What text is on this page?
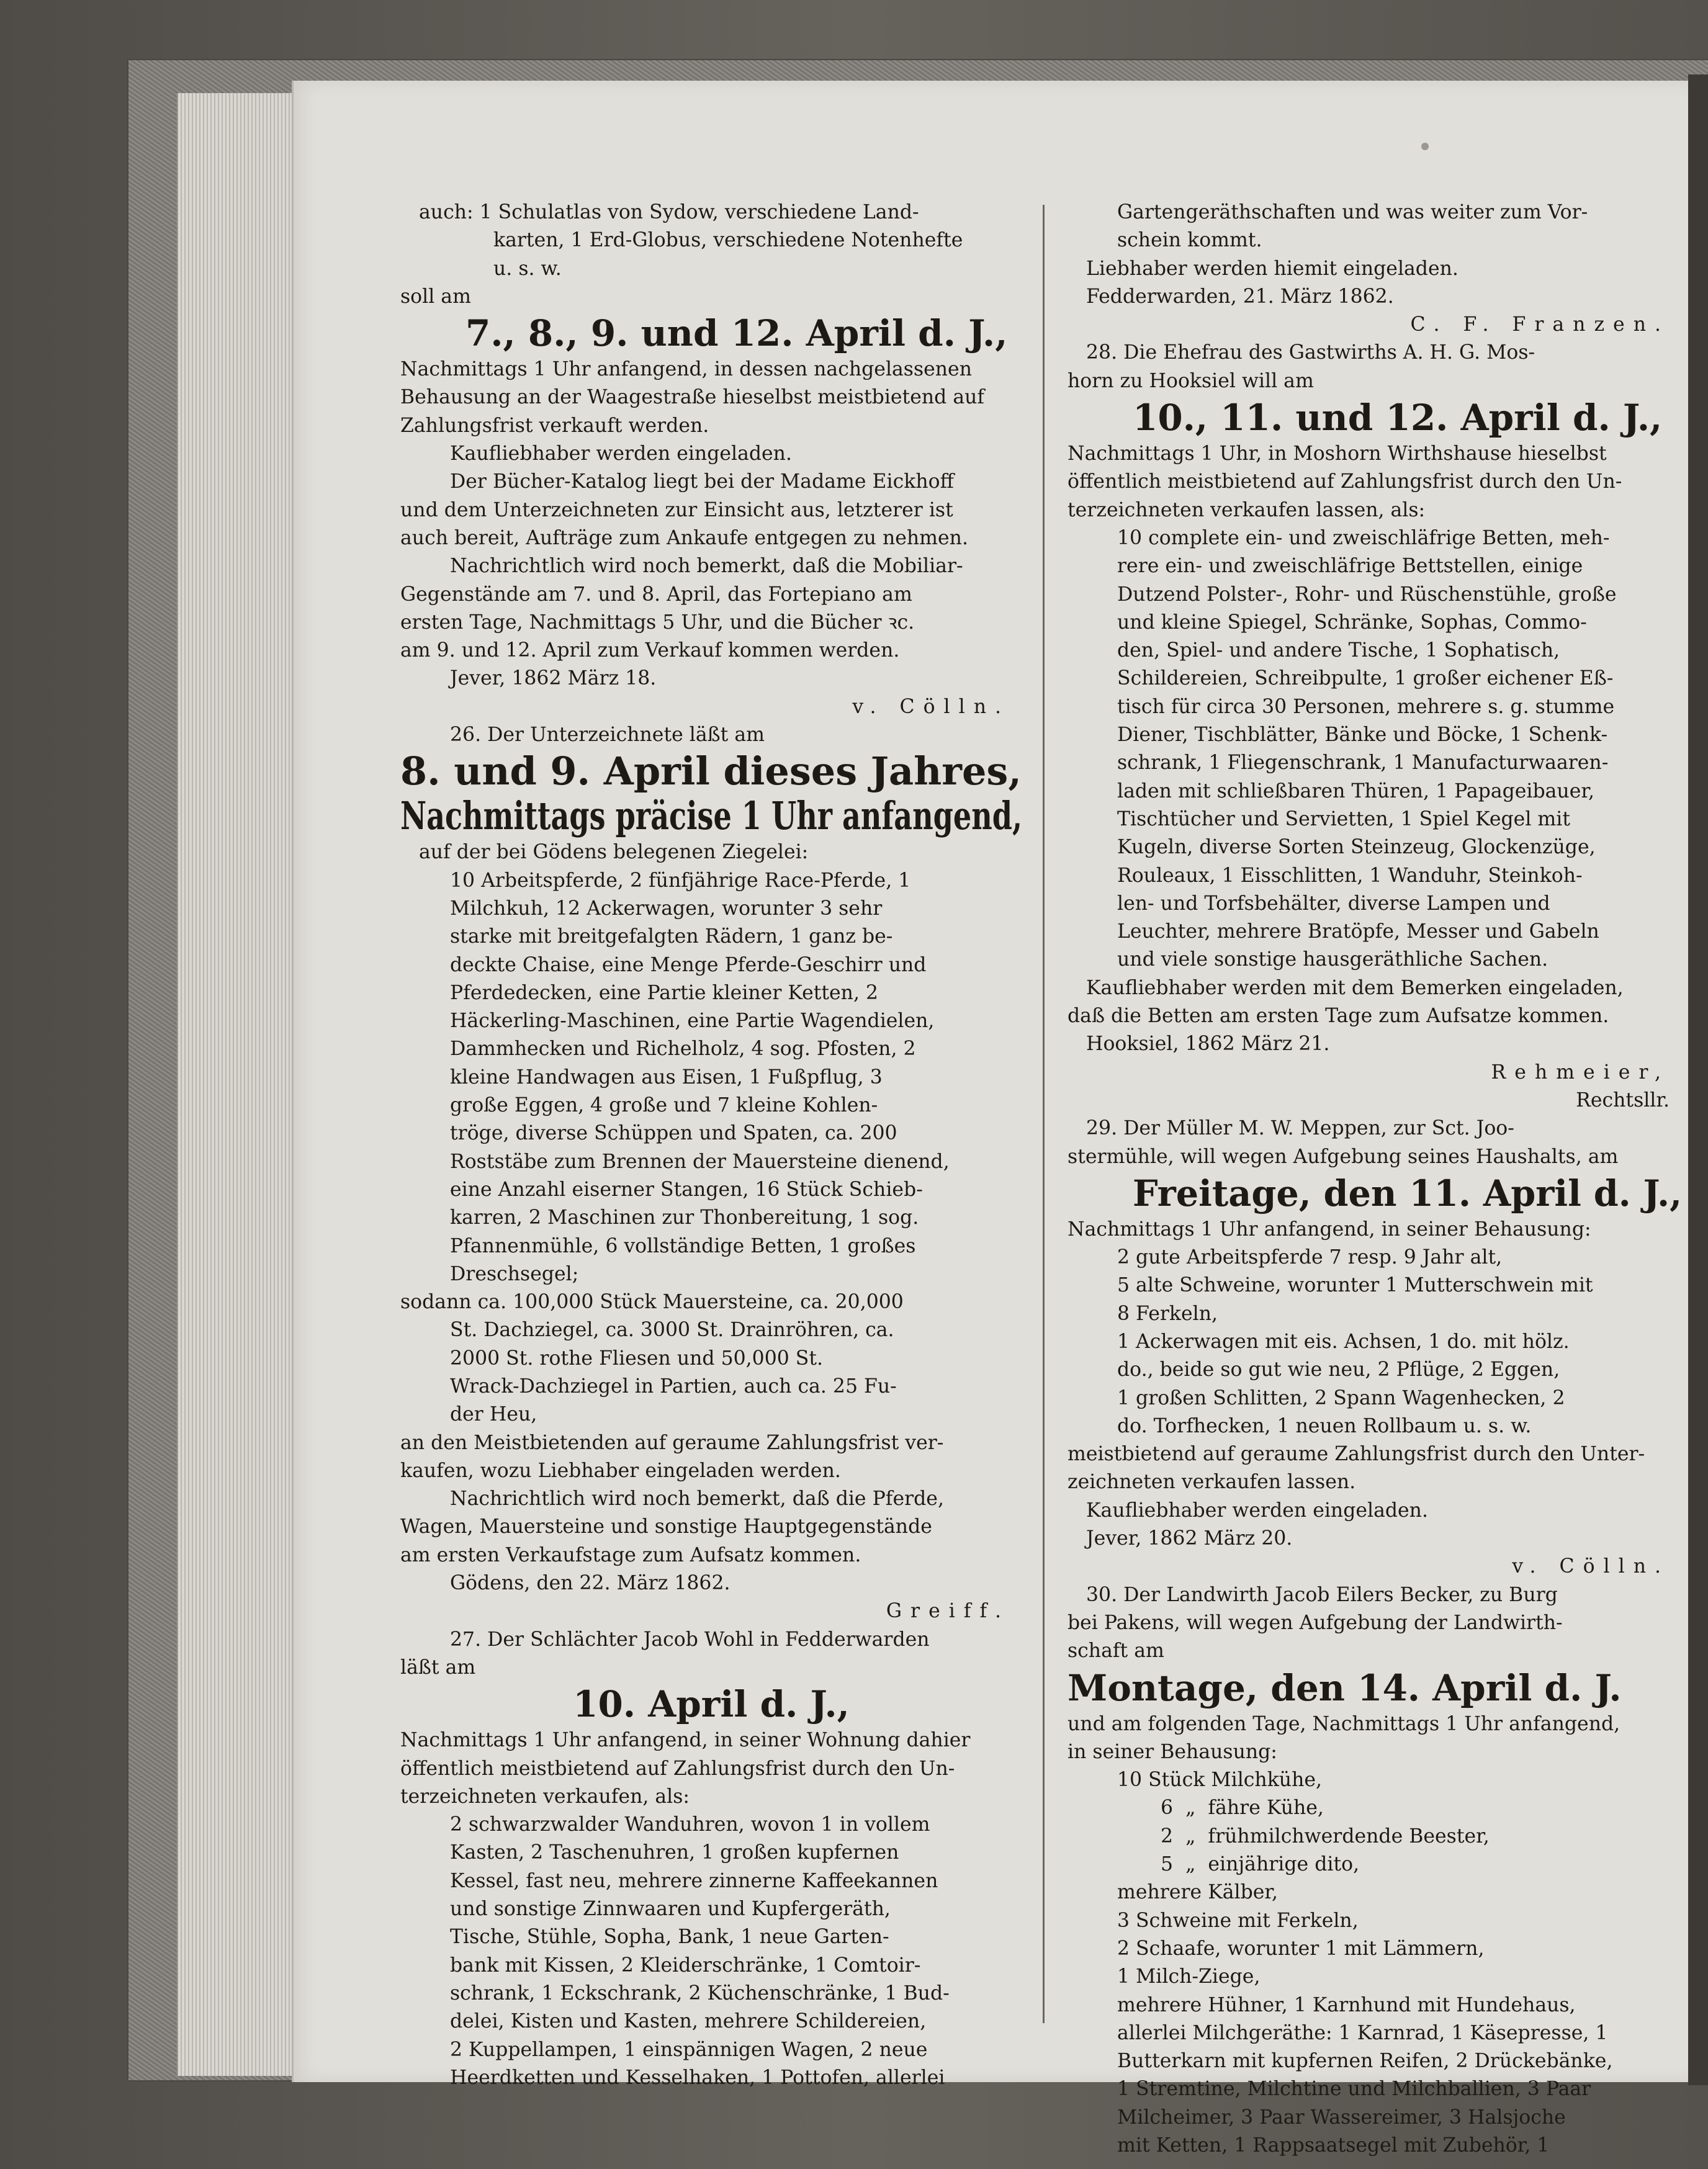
auch: 1 Schulatlas von Sydow, verschiedene Land-
karten, 1 Erd-Globus, verschiedene Notenhefte
u. s. w.
soll am
7., 8., 9. und 12. April d. J.,
Nachmittags 1 Uhr anfangend, in dessen nachgelassenen
Behausung an der Waagestraße hieselbst meistbietend auf
Zahlungsfrist verkauft werden.
Kaufliebhaber werden eingeladen.
Der Bücher-Katalog liegt bei der Madame Eickhoff
und dem Unterzeichneten zur Einsicht aus, letzterer ist
auch bereit, Aufträge zum Ankaufe entgegen zu nehmen.
Nachrichtlich wird noch bemerkt, daß die Mobiliar-
Gegenstände am 7. und 8. April, das Fortepiano am
ersten Tage, Nachmittags 5 Uhr, und die Bücher ꝛc.
am 9. und 12. April zum Verkauf kommen werden.
Jever, 1862 März 18.
v. Cölln.
26. Der Unterzeichnete läßt am
8. und 9. April dieses Jahres,
Nachmittags präcise 1 Uhr anfangend,
auf der bei Gödens belegenen Ziegelei:
10 Arbeitspferde, 2 fünfjährige Race-Pferde, 1
Milchkuh, 12 Ackerwagen, worunter 3 sehr
starke mit breitgefalgten Rädern, 1 ganz be-
deckte Chaise, eine Menge Pferde-Geschirr und
Pferdedecken, eine Partie kleiner Ketten, 2
Häckerling-Maschinen, eine Partie Wagendielen,
Dammhecken und Richelholz, 4 sog. Pfosten, 2
kleine Handwagen aus Eisen, 1 Fußpflug, 3
große Eggen, 4 große und 7 kleine Kohlen-
tröge, diverse Schüppen und Spaten, ca. 200
Roststäbe zum Brennen der Mauersteine dienend,
eine Anzahl eiserner Stangen, 16 Stück Schieb-
karren, 2 Maschinen zur Thonbereitung, 1 sog.
Pfannenmühle, 6 vollständige Betten, 1 großes
Dreschsegel;
sodann ca. 100,000 Stück Mauersteine, ca. 20,000
St. Dachziegel, ca. 3000 St. Drainröhren, ca.
2000 St. rothe Fliesen und 50,000 St.
Wrack-Dachziegel in Partien, auch ca. 25 Fu-
der Heu,
an den Meistbietenden auf geraume Zahlungsfrist ver-
kaufen, wozu Liebhaber eingeladen werden.
Nachrichtlich wird noch bemerkt, daß die Pferde,
Wagen, Mauersteine und sonstige Hauptgegenstände
am ersten Verkaufstage zum Aufsatz kommen.
Gödens, den 22. März 1862.
Greiff.
27. Der Schlächter Jacob Wohl in Fedderwarden
läßt am
10. April d. J.,
Nachmittags 1 Uhr anfangend, in seiner Wohnung dahier
öffentlich meistbietend auf Zahlungsfrist durch den Un-
terzeichneten verkaufen, als:
2 schwarzwalder Wanduhren, wovon 1 in vollem
Kasten, 2 Taschenuhren, 1 großen kupfernen
Kessel, fast neu, mehrere zinnerne Kaffeekannen
und sonstige Zinnwaaren und Kupfergeräth,
Tische, Stühle, Sopha, Bank, 1 neue Garten-
bank mit Kissen, 2 Kleiderschränke, 1 Comtoir-
schrank, 1 Eckschrank, 2 Küchenschränke, 1 Bud-
delei, Kisten und Kasten, mehrere Schildereien,
2 Kuppellampen, 1 einspännigen Wagen, 2 neue
Heerdketten und Kesselhaken, 1 Pottofen, allerlei
Gartengeräthschaften und was weiter zum Vor-
schein kommt.
Liebhaber werden hiemit eingeladen.
Fedderwarden, 21. März 1862.
C. F. Franzen.
28. Die Ehefrau des Gastwirths A. H. G. Mos-
horn zu Hooksiel will am
10., 11. und 12. April d. J.,
Nachmittags 1 Uhr, in Moshorn Wirthshause hieselbst
öffentlich meistbietend auf Zahlungsfrist durch den Un-
terzeichneten verkaufen lassen, als:
10 complete ein- und zweischläfrige Betten, meh-
rere ein- und zweischläfrige Bettstellen, einige
Dutzend Polster-, Rohr- und Rüschenstühle, große
und kleine Spiegel, Schränke, Sophas, Commo-
den, Spiel- und andere Tische, 1 Sophatisch,
Schildereien, Schreibpulte, 1 großer eichener Eß-
tisch für circa 30 Personen, mehrere s. g. stumme
Diener, Tischblätter, Bänke und Böcke, 1 Schenk-
schrank, 1 Fliegenschrank, 1 Manufacturwaaren-
laden mit schließbaren Thüren, 1 Papageibauer,
Tischtücher und Servietten, 1 Spiel Kegel mit
Kugeln, diverse Sorten Steinzeug, Glockenzüge,
Rouleaux, 1 Eisschlitten, 1 Wanduhr, Steinkoh-
len- und Torfsbehälter, diverse Lampen und
Leuchter, mehrere Bratöpfe, Messer und Gabeln
und viele sonstige hausgeräthliche Sachen.
Kaufliebhaber werden mit dem Bemerken eingeladen,
daß die Betten am ersten Tage zum Aufsatze kommen.
Hooksiel, 1862 März 21.
Rehmeier,
Rechtsllr.
29. Der Müller M. W. Meppen, zur Sct. Joo-
stermühle, will wegen Aufgebung seines Haushalts, am
Freitage, den 11. April d. J.,
Nachmittags 1 Uhr anfangend, in seiner Behausung:
2 gute Arbeitspferde 7 resp. 9 Jahr alt,
5 alte Schweine, worunter 1 Mutterschwein mit
8 Ferkeln,
1 Ackerwagen mit eis. Achsen, 1 do. mit hölz.
do., beide so gut wie neu, 2 Pflüge, 2 Eggen,
1 großen Schlitten, 2 Spann Wagenhecken, 2
do. Torfhecken, 1 neuen Rollbaum u. s. w.
meistbietend auf geraume Zahlungsfrist durch den Unter-
zeichneten verkaufen lassen.
Kaufliebhaber werden eingeladen.
Jever, 1862 März 20.
v. Cölln.
30. Der Landwirth Jacob Eilers Becker, zu Burg
bei Pakens, will wegen Aufgebung der Landwirth-
schaft am
Montage, den 14. April d. J.
und am folgenden Tage, Nachmittags 1 Uhr anfangend,
in seiner Behausung:
10 Stück Milchkühe,
6  „  fähre Kühe,
2  „  frühmilchwerdende Beester,
5  „  einjährige dito,
mehrere Kälber,
3 Schweine mit Ferkeln,
2 Schaafe, worunter 1 mit Lämmern,
1 Milch-Ziege,
mehrere Hühner, 1 Karnhund mit Hundehaus,
allerlei Milchgeräthe: 1 Karnrad, 1 Käsepresse, 1
Butterkarn mit kupfernen Reifen, 2 Drückebänke,
1 Stremtine, Milchtine und Milchballien, 3 Paar
Milcheimer, 3 Paar Wassereimer, 3 Halsjoche
mit Ketten, 1 Rappsaatsegel mit Zubehör, 1
